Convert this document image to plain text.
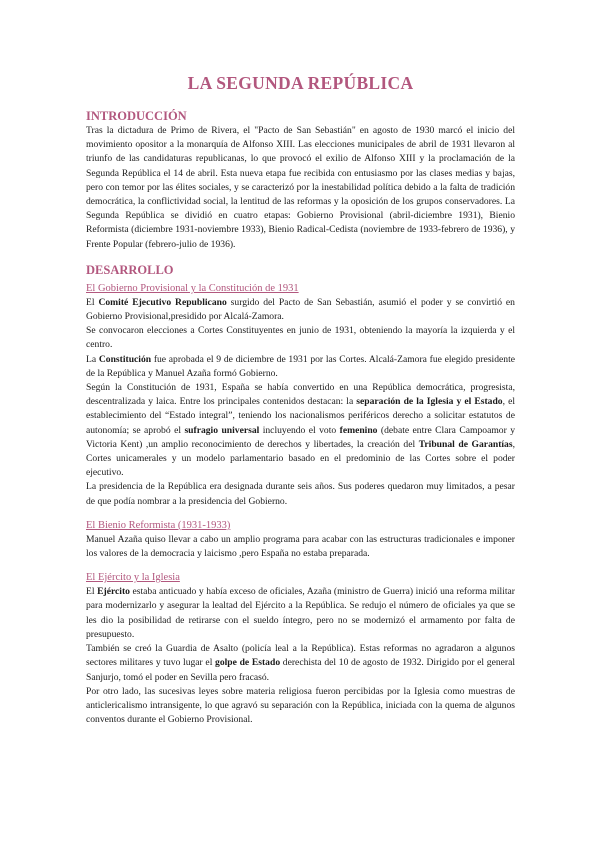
LA SEGUNDA REPÚBLICA
INTRODUCCIÓN

Tras la dictadura de Primo de Rivera, el "Pacto de San Sebastián" en agosto de 1930 marcó el inicio del movimiento opositor a la monarquía de Alfonso XIII. Las elecciones municipales de abril de 1931 llevaron al triunfo de las candidaturas republicanas, lo que provocó el exilio de Alfonso XIII y la proclamación de la Segunda República el 14 de abril. Esta nueva etapa fue recibida con entusiasmo por las clases medias y bajas, pero con temor por las élites sociales, y se caracterizó por la inestabilidad política debido a la falta de tradición democrática, la conflictividad social, la lentitud de las reformas y la oposición de los grupos conservadores. La Segunda República se dividió en cuatro etapas: Gobierno Provisional (abril-diciembre 1931), Bienio Reformista (diciembre 1931-noviembre 1933), Bienio Radical-Cedista (noviembre de 1933-febrero de 1936), y Frente Popular (febrero-julio de 1936).

DESARROLLO
El Gobierno Provisional y la Constitución de 1931

El Comité Ejecutivo Republicano surgido del Pacto de San Sebastián, asumió el poder y se convirtió en Gobierno Provisional,presidido por Alcalá-Zamora.

Se convocaron elecciones a Cortes Constituyentes en junio de 1931, obteniendo la mayoría la izquierda y el centro.

La Constitución fue aprobada el 9 de diciembre de 1931 por las Cortes. Alcalá-Zamora fue elegido presidente de la República y Manuel Azaña formó Gobierno.

Según la Constitución de 1931, España se había convertido en una República democrática, progresista, descentralizada y laica. Entre los principales contenidos destacan: la separación de la Iglesia y el Estado, el establecimiento del “Estado integral”, teniendo los nacionalismos periféricos derecho a solicitar estatutos de autonomía; se aprobó el sufragio universal incluyendo el voto femenino (debate entre Clara Campoamor y Victoria Kent) ,un amplio reconocimiento de derechos y libertades, la creación del Tribunal de Garantías, Cortes unicamerales y un modelo parlamentario basado en el predominio de las Cortes sobre el poder ejecutivo.

La presidencia de la República era designada durante seis años. Sus poderes quedaron muy limitados, a pesar de que podía nombrar a la presidencia del Gobierno.

El Bienio Reformista (1931-1933)

Manuel Azaña quiso llevar a cabo un amplio programa para acabar con las estructuras tradicionales e imponer los valores de la democracia y laicismo ,pero España no estaba preparada.

El Ejército y la Iglesia

El Ejército estaba anticuado y había exceso de oficiales, Azaña (ministro de Guerra) inició una reforma militar para modernizarlo y asegurar la lealtad del Ejército a la República. Se redujo el número de oficiales ya que se les dio la posibilidad de retirarse con el sueldo íntegro, pero no se modernizó el armamento por falta de presupuesto.

También se creó la Guardia de Asalto (policía leal a la República). Estas reformas no agradaron a algunos sectores militares y tuvo lugar el golpe de Estado derechista del 10 de agosto de 1932. Dirigido por el general Sanjurjo, tomó el poder en Sevilla pero fracasó.

Por otro lado, las sucesivas leyes sobre materia religiosa fueron percibidas por la Iglesia como muestras de anticlericalismo intransigente, lo que agravó su separación con la República, iniciada con la quema de algunos conventos durante el Gobierno Provisional.
